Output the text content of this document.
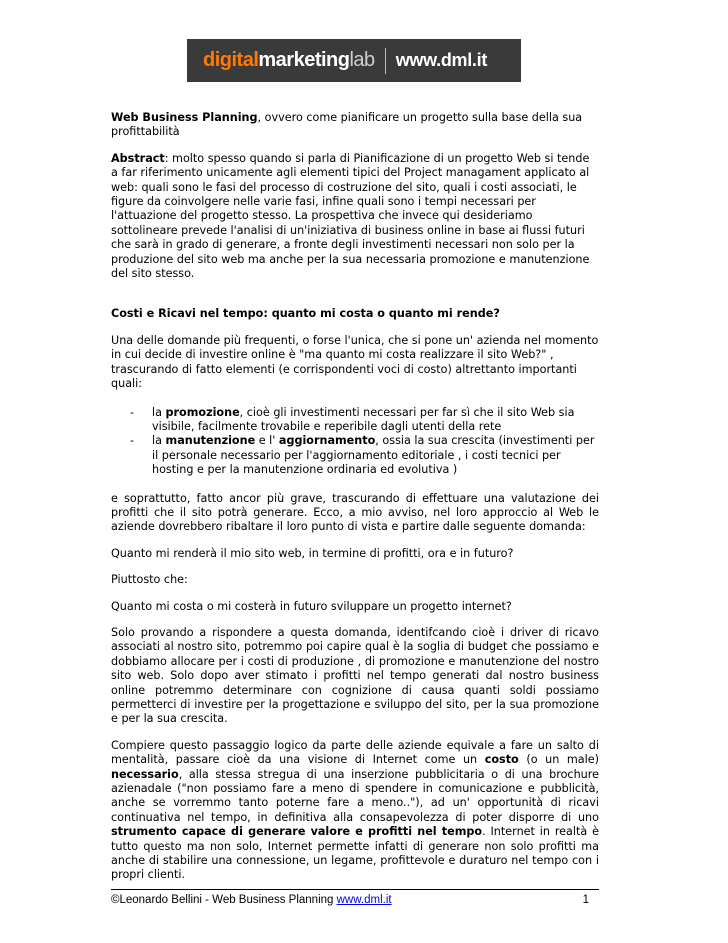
digital marketing lab www.dml.it

Web Business Planning, ovvero come pianificare un progetto sulla base della sua profittabilità

Abstract: molto spesso quando si parla di Pianificazione di un progetto Web si tende a far riferimento unicamente agli elementi tipici del Project managament applicato al web: quali sono le fasi del processo di costruzione del sito, quali i costi associati, le figure da coinvolgere nelle varie fasi, infine quali sono i tempi necessari per l'attuazione del progetto stesso. La prospettiva che invece qui desideriamo sottolineare prevede l'analisi di un'iniziativa di business online in base ai flussi futuri che sarà in grado di generare, a fronte degli investimenti necessari non solo per la produzione del sito web ma anche per la sua necessaria promozione e manutenzione del sito stesso.

Costi e Ricavi nel tempo: quanto mi costa o quanto mi rende?

Una delle domande più frequenti, o forse l'unica, che si pone un' azienda nel momento in cui decide di investire online è "ma quanto mi costa realizzare il sito Web?" , trascurando di fatto elementi (e corrispondenti voci di costo) altrettanto importanti quali:

- la promozione, cioè gli investimenti necessari per far sì che il sito Web sia visibile, facilmente trovabile e reperibile dagli utenti della rete
- la manutenzione e l' aggiornamento, ossia la sua crescita (investimenti per il personale necessario per l'aggiornamento editoriale , i costi tecnici per hosting e per la manutenzione ordinaria ed evolutiva )

e soprattutto, fatto ancor più grave, trascurando di effettuare una valutazione dei profitti che il sito potrà generare. Ecco, a mio avviso, nel loro approccio al Web le aziende dovrebbero ribaltare il loro punto di vista e partire dalle seguente domanda:

Quanto mi renderà il mio sito web, in termine di profitti, ora e in futuro?

Piuttosto che:

Quanto mi costa o mi costerà in futuro sviluppare un progetto internet?

Solo provando a rispondere a questa domanda, identifcando cioè i driver di ricavo associati al nostro sito, potremmo poi capire qual è la soglia di budget che possiamo e dobbiamo allocare per i costi di produzione , di promozione e manutenzione del nostro sito web. Solo dopo aver stimato i profitti nel tempo generati dal nostro business online potremmo determinare con cognizione di causa quanti soldi possiamo permetterci di investire per la progettazione e sviluppo del sito, per la sua promozione e per la sua crescita.

Compiere questo passaggio logico da parte delle aziende equivale a fare un salto di mentalità, passare cioè da una visione di Internet come un costo (o un male) necessario, alla stessa stregua di una inserzione pubblicitaria o di una brochure azienadale ("non possiamo fare a meno di spendere in comunicazione e pubblicità, anche se vorremmo tanto poterne fare a meno.."), ad un' opportunità di ricavi continuativa nel tempo, in definitiva alla consapevolezza di poter disporre di uno strumento capace di generare valore e profitti nel tempo. Internet in realtà è tutto questo ma non solo, Internet permette infatti di generare non solo profitti ma anche di stabilire una connessione, un legame, profittevole e duraturo nel tempo con i propri clienti.

©Leonardo Bellini - Web Business Planning www.dml.it	1
